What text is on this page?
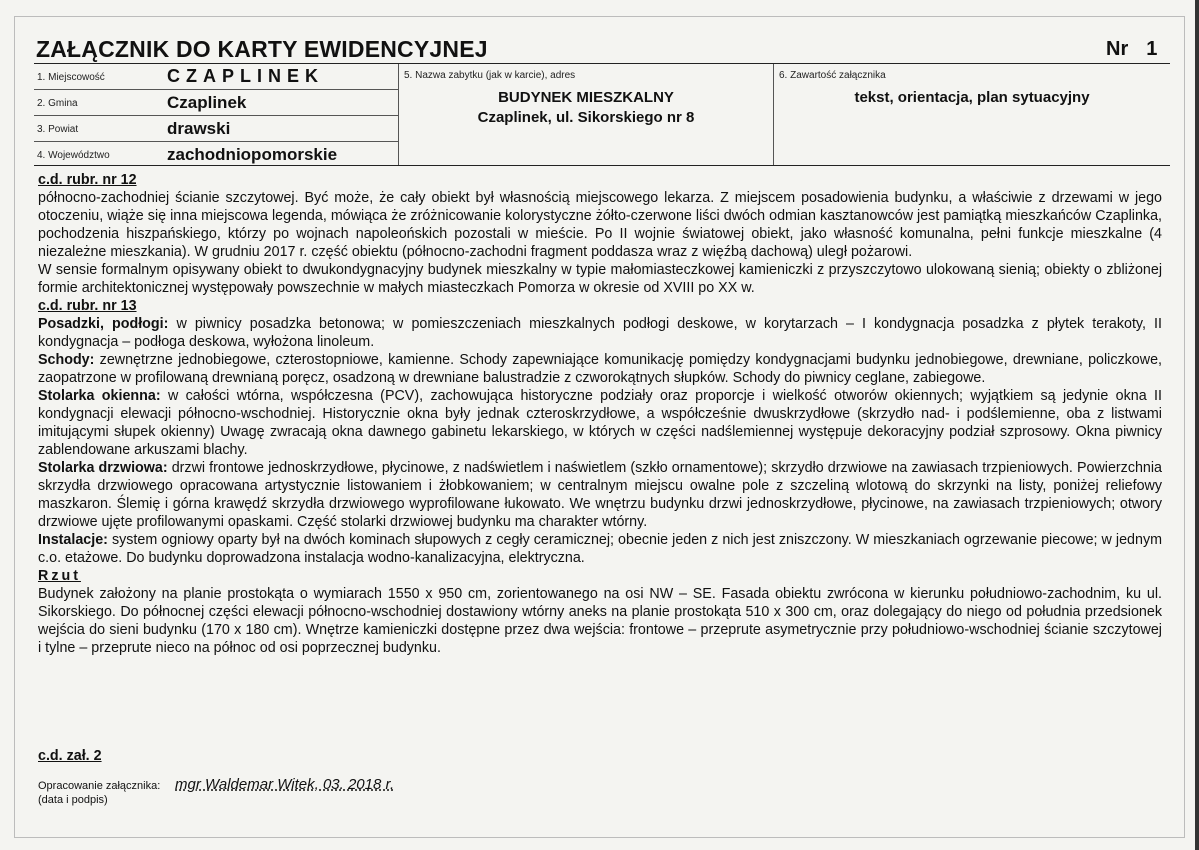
ZAŁĄCZNIK DO KARTY EWIDENCYJNEJ	Nr 1
1. Miejscowość	CZAPLINEK
2. Gmina	Czaplinek
3. Powiat	drawski
4. Województwo	zachodniopomorskie
5. Nazwa zabytku (jak w karcie), adres
BUDYNEK MIESZKALNY
Czaplinek, ul. Sikorskiego nr 8
6. Zawartość załącznika
tekst, orientacja, plan sytuacyjny

c.d. rubr. nr 12

północno-zachodniej ścianie szczytowej. Być może, że cały obiekt był własnością miejscowego lekarza. Z miejscem posadowienia budynku, a właściwie z drzewami w jego otoczeniu, wiąże się inna miejscowa legenda, mówiąca że zróżnicowanie kolorystyczne żółto-czerwone liści dwóch odmian kasztanowców jest pamiątką mieszkańców Czaplinka, pochodzenia hiszpańskiego, którzy po wojnach napoleońskich pozostali w mieście. Po II wojnie światowej obiekt, jako własność komunalna, pełni funkcje mieszkalne (4 niezależne mieszkania). W grudniu 2017 r. część obiektu (północno-zachodni fragment poddasza wraz z więźbą dachową) uległ pożarowi.

W sensie formalnym opisywany obiekt to dwukondygnacyjny budynek mieszkalny w typie małomiasteczkowej kamieniczki z przyszczytowo ulokowaną sienią; obiekty o zbliżonej formie architektonicznej występowały powszechnie w małych miasteczkach Pomorza w okresie od XVIII po XX w.

c.d. rubr. nr 13

Posadzki, podłogi: w piwnicy posadzka betonowa; w pomieszczeniach mieszkalnych podłogi deskowe, w korytarzach – I kondygnacja posadzka z płytek terakoty, II kondygnacja – podłoga deskowa, wyłożona linoleum.

Schody: zewnętrzne jednobiegowe, czterostopniowe, kamienne. Schody zapewniające komunikację pomiędzy kondygnacjami budynku jednobiegowe, drewniane, policzkowe, zaopatrzone w profilowaną drewnianą poręcz, osadzoną w drewniane balustradzie z czworokątnych słupków. Schody do piwnicy ceglane, zabiegowe.

Stolarka okienna: w całości wtórna, współczesna (PCV), zachowująca historyczne podziały oraz proporcje i wielkość otworów okiennych; wyjątkiem są jedynie okna II kondygnacji elewacji północno-wschodniej. Historycznie okna były jednak czteroskrzydłowe, a współcześnie dwuskrzydłowe (skrzydło nad- i podślemienne, oba z listwami imitującymi słupek okienny) Uwagę zwracają okna dawnego gabinetu lekarskiego, w których w części nadślemiennej występuje dekoracyjny podział szprosowy. Okna piwnicy zablendowane arkuszami blachy.

Stolarka drzwiowa: drzwi frontowe jednoskrzydłowe, płycinowe, z nadświetlem i naświetlem (szkło ornamentowe); skrzydło drzwiowe na zawiasach trzpieniowych. Powierzchnia skrzydła drzwiowego opracowana artystycznie listowaniem i żłobkowaniem; w centralnym miejscu owalne pole z szczeliną wlotową do skrzynki na listy, poniżej reliefowy maszkaron. Ślemię i górna krawędź skrzydła drzwiowego wyprofilowane łukowato. We wnętrzu budynku drzwi jednoskrzydłowe, płycinowe, na zawiasach trzpieniowych; otwory drzwiowe ujęte profilowanymi opaskami. Część stolarki drzwiowej budynku ma charakter wtórny.

Instalacje: system ogniowy oparty był na dwóch kominach słupowych z cegły ceramicznej; obecnie jeden z nich jest zniszczony. W mieszkaniach ogrzewanie piecowe; w jednym c.o. etażowe. Do budynku doprowadzona instalacja wodno-kanalizacyjna, elektryczna.

Rzut

Budynek założony na planie prostokąta o wymiarach 1550 x 950 cm, zorientowanego na osi NW – SE. Fasada obiektu zwrócona w kierunku południowo-zachodnim, ku ul. Sikorskiego. Do północnej części elewacji północno-wschodniej dostawiony wtórny aneks na planie prostokąta 510 x 300 cm, oraz dolegający do niego od południa przedsionek wejścia do sieni budynku (170 x 180 cm). Wnętrze kamieniczki dostępne przez dwa wejścia: frontowe – przeprute asymetrycznie przy południowo-wschodniej ścianie szczytowej i tylne – przeprute nieco na północ od osi poprzecznej budynku.

c.d. zał. 2
Opracowanie załącznika:
(data i podpis)
mgr Waldemar Witek, 03. 2018 r.
